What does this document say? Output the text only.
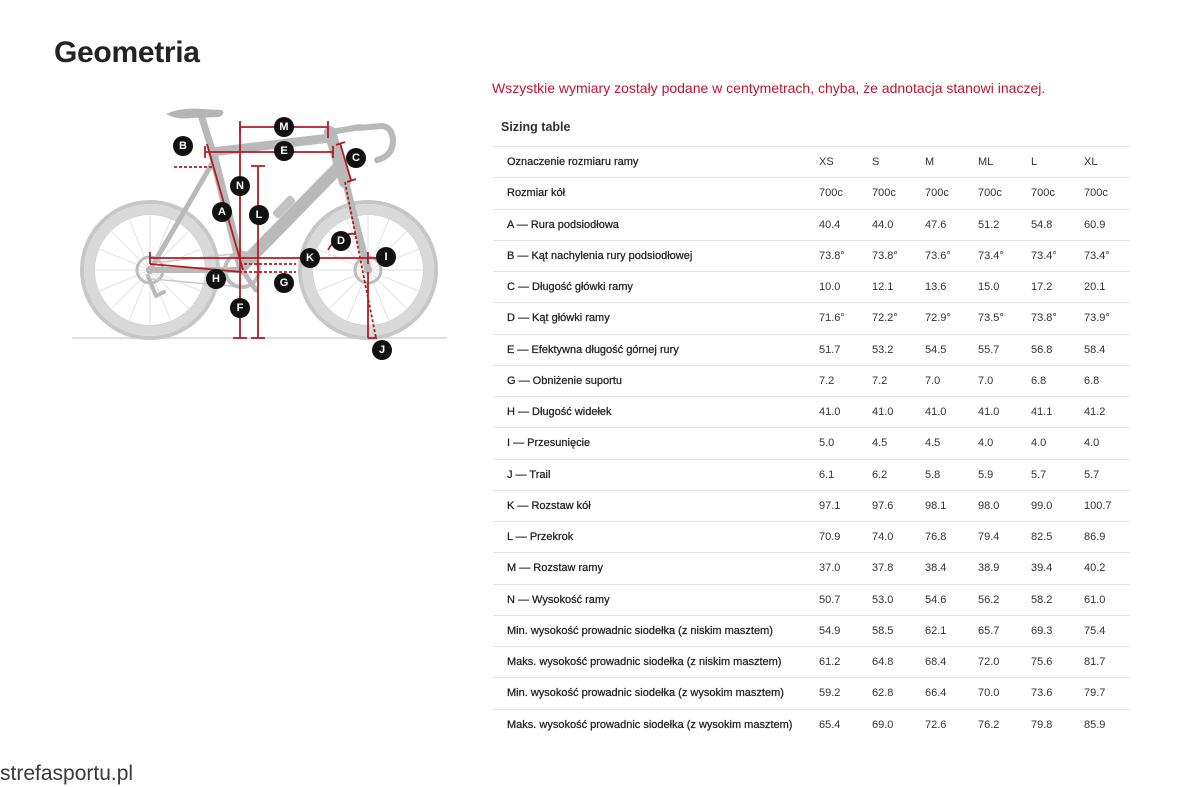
Geometria
M
E
B
C
N
L
A
D
K	I
H	G
F
J
Wszystkie wymiary zostały podane w centymetrach, chyba, że adnotacja stanowi inaczej.
Sizing table
Oznaczenie rozmiaru ramy	XS	S	M	ML	L	XL
Rozmiar kół	700c	700c	700c	700c	700c	700c
A — Rura podsiodłowa	40.4	44.0	47.6	51.2	54.8	60.9
B — Kąt nachylenia rury podsiodłowej	73.8°	73.8°	73.6°	73.4°	73.4°	73.4°
C — Długość główki ramy	10.0	12.1	13.6	15.0	17.2	20.1
D — Kąt główki ramy	71.6°	72.2°	72.9°	73.5°	73.8°	73.9°
E — Efektywna długość górnej rury	51.7	53.2	54.5	55.7	56.8	58.4
G — Obniżenie suportu	7.2	7.2	7.0	7.0	6.8	6.8
H — Długość widełek	41.0	41.0	41.0	41.0	41.1	41.2
I — Przesunięcie	5.0	4.5	4.5	4.0	4.0	4.0
J — Trail	6.1	6.2	5.8	5.9	5.7	5.7
K — Rozstaw kół	97.1	97.6	98.1	98.0	99.0	100.7
L — Przekrok	70.9	74.0	76.8	79.4	82.5	86.9
M — Rozstaw ramy	37.0	37.8	38.4	38.9	39.4	40.2
N — Wysokość ramy	50.7	53.0	54.6	56.2	58.2	61.0
Min. wysokość prowadnic siodełka (z niskim masztem)	54.9	58.5	62.1	65.7	69.3	75.4
Maks. wysokość prowadnic siodełka (z niskim masztem)	61.2	64.8	68.4	72.0	75.6	81.7
Min. wysokość prowadnic siodełka (z wysokim masztem)	59.2	62.8	66.4	70.0	73.6	79.7
Maks. wysokość prowadnic siodełka (z wysokim masztem)	65.4	69.0	72.6	76.2	79.8	85.9
strefasportu.pl
